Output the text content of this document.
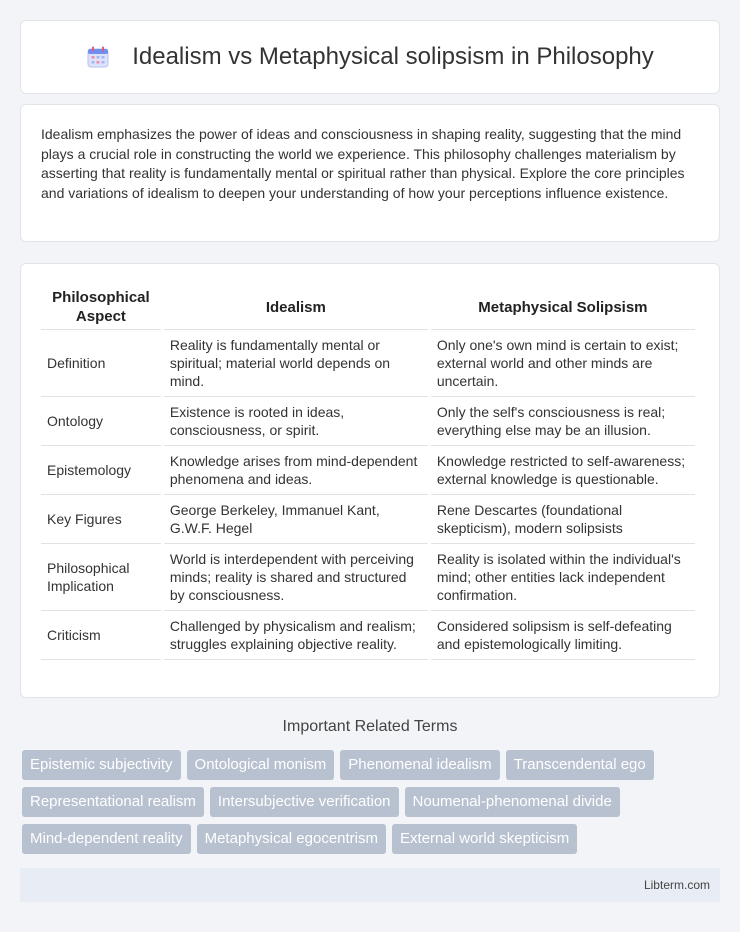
Idealism vs Metaphysical solipsism in Philosophy

Idealism emphasizes the power of ideas and consciousness in shaping reality, suggesting that the mind plays a crucial role in constructing the world we experience. This philosophy challenges materialism by asserting that reality is fundamentally mental or spiritual rather than physical. Explore the core principles and variations of idealism to deepen your understanding of how your perceptions influence existence.

Philosophical Aspect	Idealism	Metaphysical Solipsism
Definition	Reality is fundamentally mental or spiritual; material world depends on mind.	Only one's own mind is certain to exist; external world and other minds are uncertain.
Ontology	Existence is rooted in ideas, consciousness, or spirit.	Only the self's consciousness is real; everything else may be an illusion.
Epistemology	Knowledge arises from mind-dependent phenomena and ideas.	Knowledge restricted to self-awareness; external knowledge is questionable.
Key Figures	George Berkeley, Immanuel Kant, G.W.F. Hegel	Rene Descartes (foundational skepticism), modern solipsists
Philosophical Implication	World is interdependent with perceiving minds; reality is shared and structured by consciousness.	Reality is isolated within the individual's mind; other entities lack independent confirmation.
Criticism	Challenged by physicalism and realism; struggles explaining objective reality.	Considered solipsism is self-defeating and epistemologically limiting.
Important Related Terms
Epistemic subjectivity	Ontological monism	Phenomenal idealism	Transcendental ego
Representational realism	Intersubjective verification	Noumenal-phenomenal divide
Mind-dependent reality	Metaphysical egocentrism	External world skepticism
Libterm.com
